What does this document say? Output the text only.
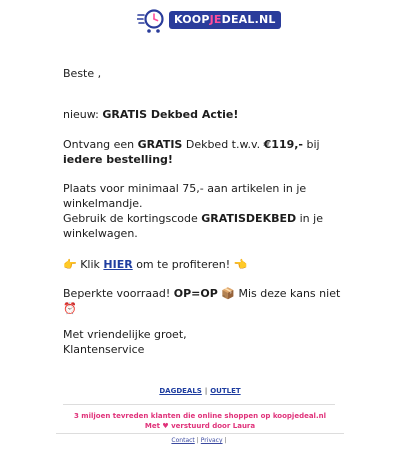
KOOPJEDEAL.NL
Beste ,
nieuw: GRATIS Dekbed Actie!
Ontvang een GRATIS Dekbed t.w.v. €119,- bij iedere bestelling!
Plaats voor minimaal 75,- aan artikelen in je winkelmandje.
Gebruik de kortingscode GRATISDEKBED in je winkelwagen.
👉 Klik HIER om te profiteren! 👈
Beperkte voorraad! OP=OP 📦 Mis deze kans niet ⏰
Met vriendelijke groet,
Klantenservice
DAGDEALS | OUTLET
3 miljoen tevreden klanten die online shoppen op koopjedeal.nl
Met ♥ verstuurd door Laura
Contact | Privacy |
